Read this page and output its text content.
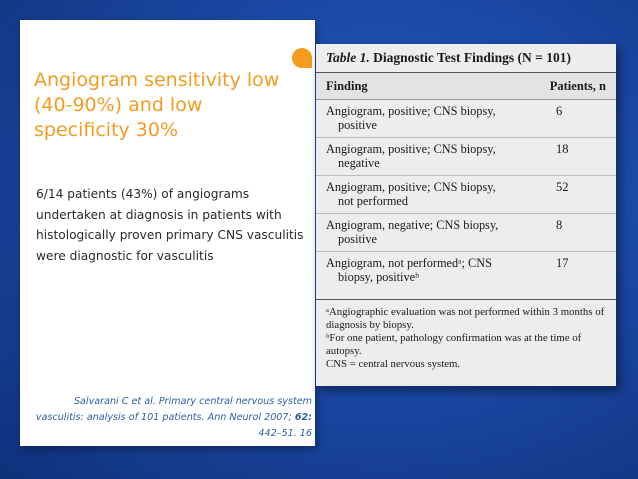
Angiogram sensitivity low (40-90%) and low specificity 30%
6/14 patients (43%) of angiograms undertaken at diagnosis in patients with histologically proven primary CNS vasculitis were diagnostic for vasculitis
Salvarani C et al. Primary central nervous system vasculitis: analysis of 101 patients. Ann Neurol 2007; 62: 442–51. 16
Table 1. Diagnostic Test Findings (N = 101)
Finding	Patients, n
Angiogram, positive; CNS biopsy,
positive
6
Angiogram, positive; CNS biopsy,
negative
18
Angiogram, positive; CNS biopsy,
not performed
52
Angiogram, negative; CNS biopsy,
positive
8
Angiogram, not performedᵃ; CNS
biopsy, positiveᵇ
17
ᵃAngiographic evaluation was not performed within 3 months of diagnosis by biopsy.
ᵇFor one patient, pathology confirmation was at the time of autopsy.
CNS = central nervous system.
